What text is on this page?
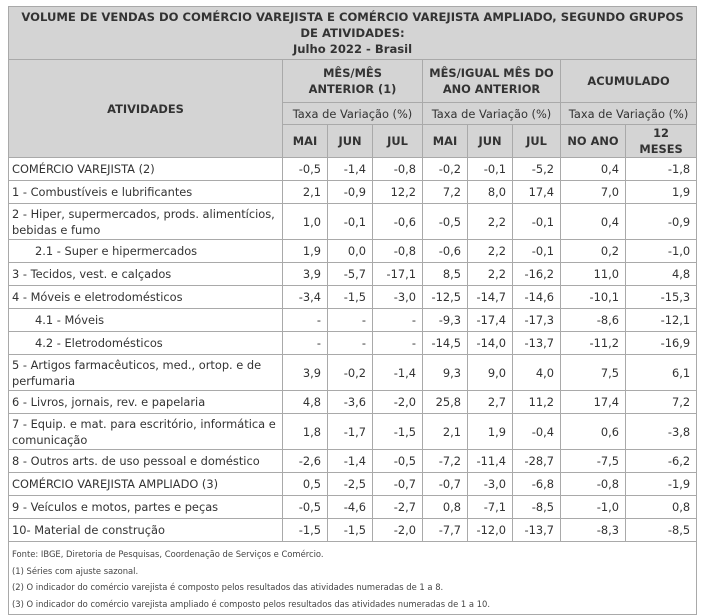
VOLUME DE VENDAS DO COMÉRCIO VAREJISTA E COMÉRCIO VAREJISTA AMPLIADO, SEGUNDO GRUPOS DE ATIVIDADES:
Julho 2022 - Brasil								

ATIVIDADES	MÊS/MÊS ANTERIOR (1)			MÊS/IGUAL MÊS DO ANO ANTERIOR			ACUMULADO	
	Taxa de Variação (%)			Taxa de Variação (%)			Taxa de Variação (%)	
	MAI	JUN	JUL	MAI	JUN	JUL	NO ANO	12 MESES
COMÉRCIO VAREJISTA (2)	-0,5	-1,4	-0,8	-0,2	-0,1	-5,2	0,4	-1,8
1 - Combustíveis e lubrificantes	2,1	-0,9	12,2	7,2	8,0	17,4	7,0	1,9
2 - Hiper, supermercados, prods. alimentícios, bebidas e fumo	1,0	-0,1	-0,6	-0,5	2,2	-0,1	0,4	-0,9
2.1 - Super e hipermercados	1,9	0,0	-0,8	-0,6	2,2	-0,1	0,2	-1,0
3 - Tecidos, vest. e calçados	3,9	-5,7	-17,1	8,5	2,2	-16,2	11,0	4,8
4 - Móveis e eletrodomésticos	-3,4	-1,5	-3,0	-12,5	-14,7	-14,6	-10,1	-15,3
4.1 - Móveis	-	-	-	-9,3	-17,4	-17,3	-8,6	-12,1
4.2 - Eletrodomésticos	-	-	-	-14,5	-14,0	-13,7	-11,2	-16,9
5 - Artigos farmacêuticos, med., ortop. e de perfumaria	3,9	-0,2	-1,4	9,3	9,0	4,0	7,5	6,1
6 - Livros, jornais, rev. e papelaria	4,8	-3,6	-2,0	25,8	2,7	11,2	17,4	7,2
7 - Equip. e mat. para escritório, informática e comunicação	1,8	-1,7	-1,5	2,1	1,9	-0,4	0,6	-3,8
8 - Outros arts. de uso pessoal e doméstico	-2,6	-1,4	-0,5	-7,2	-11,4	-28,7	-7,5	-6,2
COMÉRCIO VAREJISTA AMPLIADO (3)	0,5	-2,5	-0,7	-0,7	-3,0	-6,8	-0,8	-1,9
9 - Veículos e motos, partes e peças	-0,5	-4,6	-2,7	0,8	-7,1	-8,5	-1,0	0,8
10- Material de construção	-1,5	-1,5	-2,0	-7,7	-12,0	-13,7	-8,3	-8,5

Fonte: IBGE, Diretoria de Pesquisas, Coordenação de Serviços e Comércio.
(1) Séries com ajuste sazonal.
(2) O indicador do comércio varejista é composto pelos resultados das atividades numeradas de 1 a 8.
(3) O indicador do comércio varejista ampliado é composto pelos resultados das atividades numeradas de 1 a 10.								
